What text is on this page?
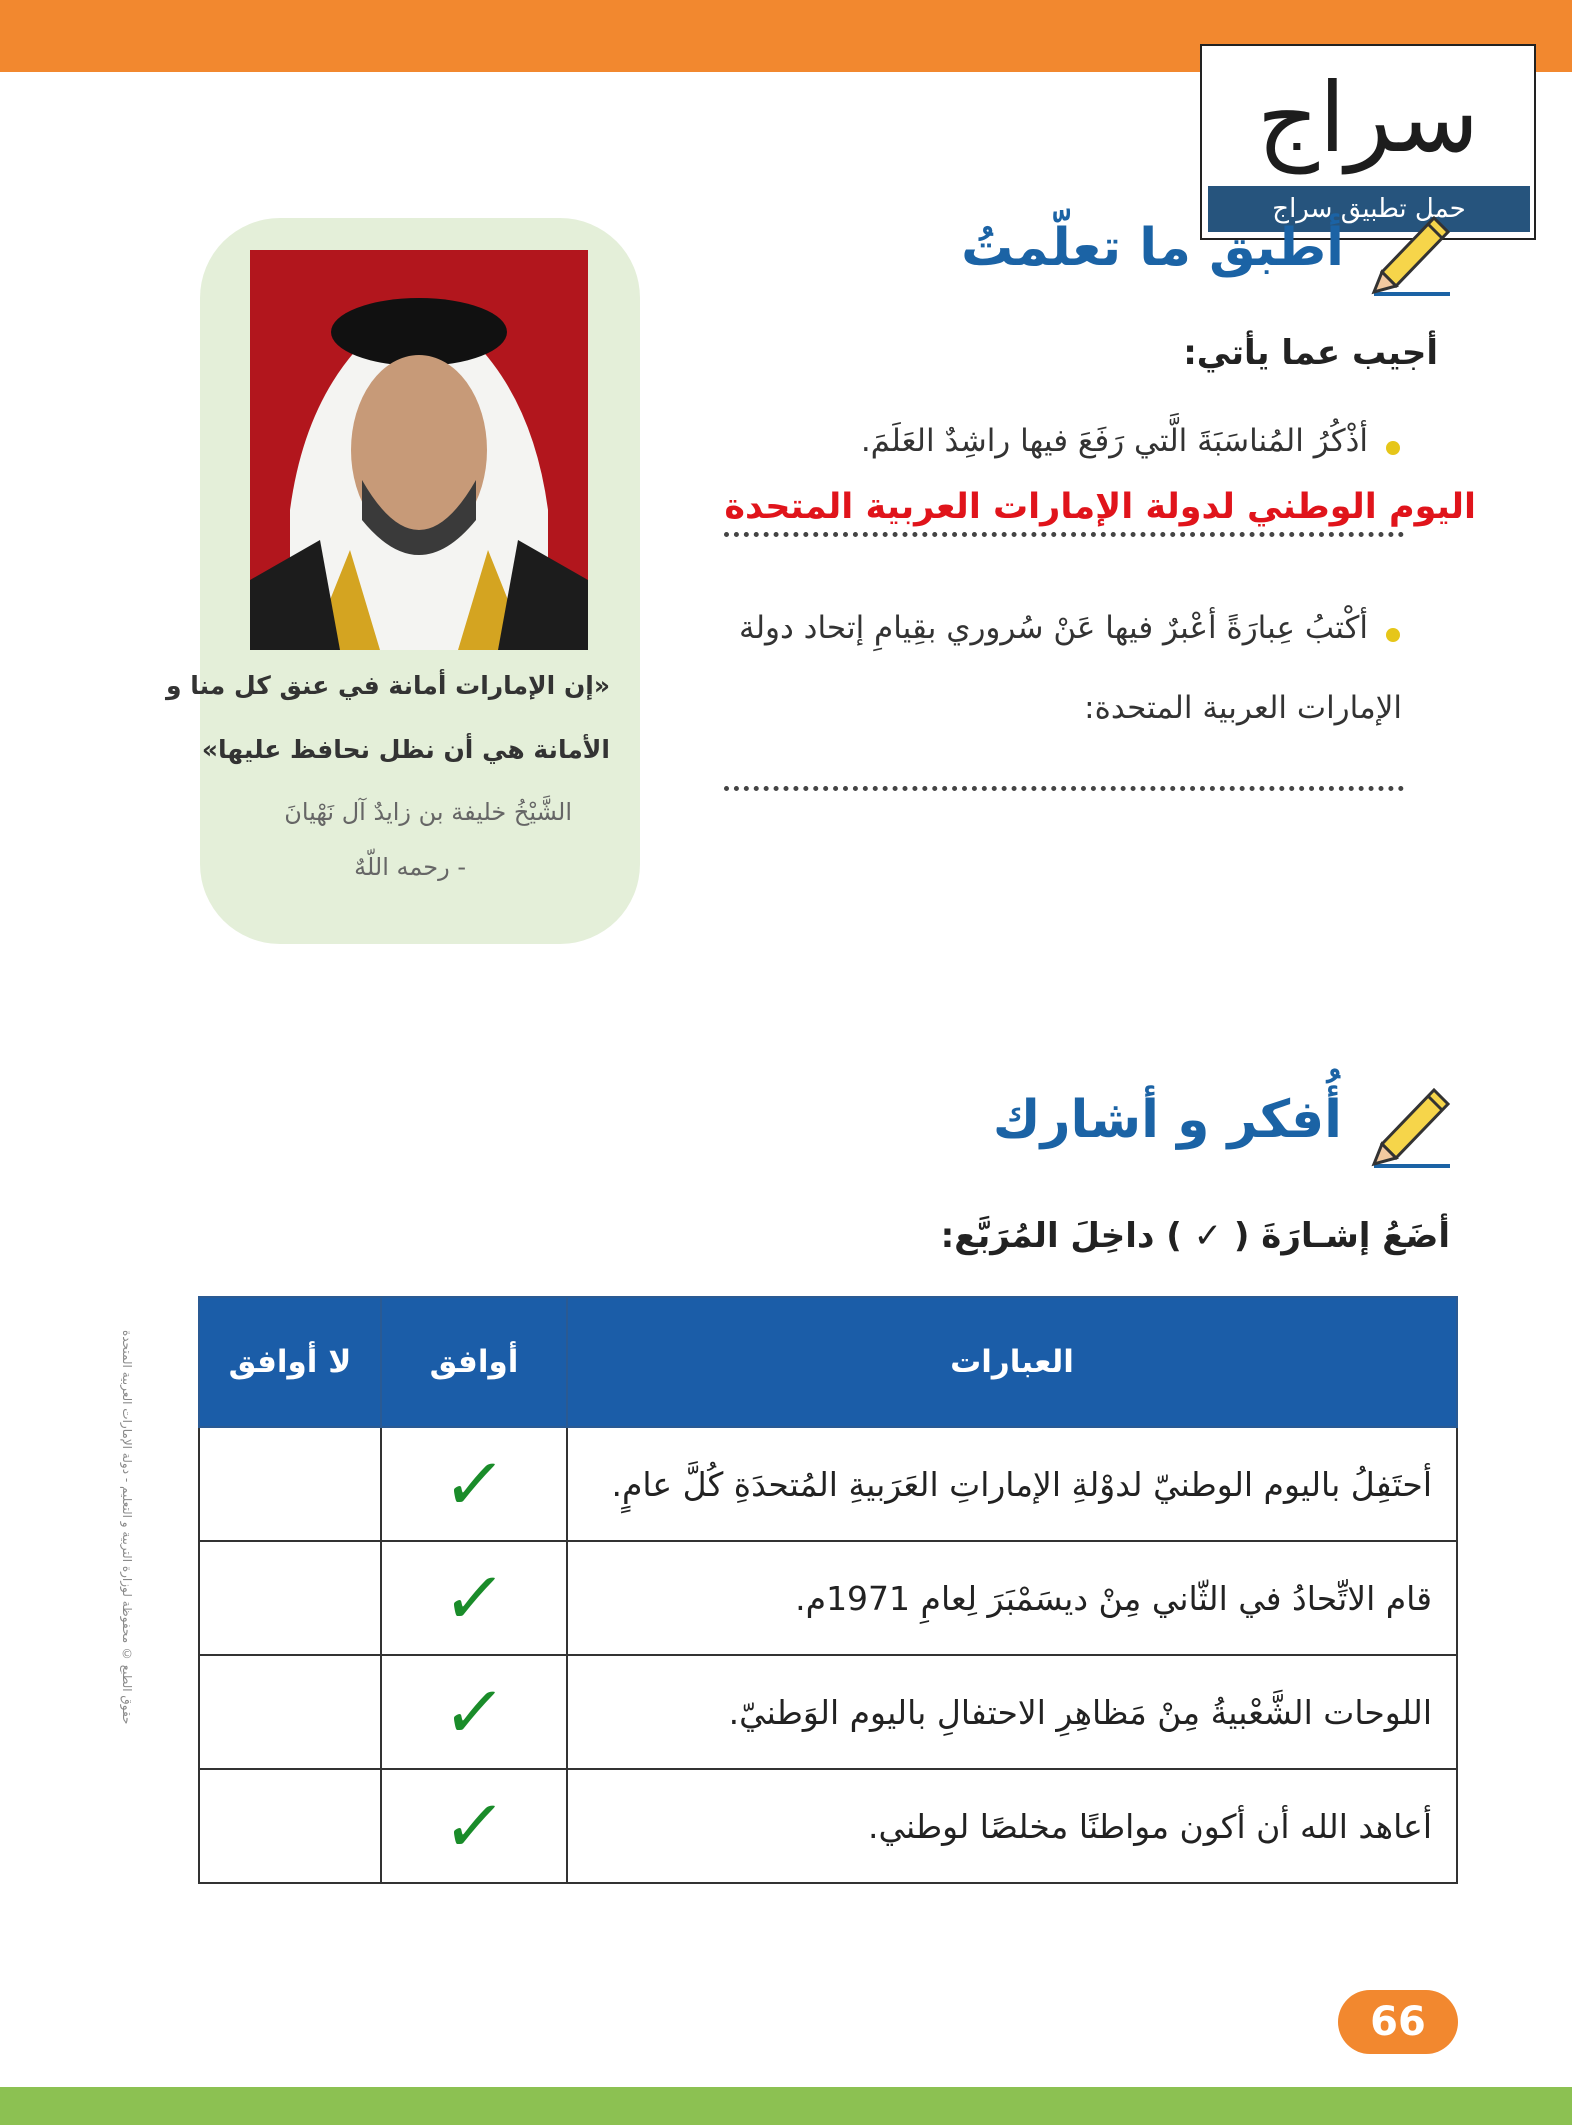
سراج
حمل تطبيق سراج
أطبق ما تعلّمتُ
أجيب عما يأتي:
أذْكُرُ المُناسَبَةَ الَّتي رَفَعَ فيها راشِدٌ العَلَمَ.
اليوم الوطني لدولة الإمارات العربية المتحدة
أكْتبُ عِبارَةً أعْبرٌ فيها عَنْ سُروري بقِيامِ إتحاد دولة
الإمارات العربية المتحدة:
«إن الإمارات أمانة في عنق كل منا و
الأمانة هي أن نظل نحافظ عليها»
الشَّيْخُ خليفة بن زايدٌ آل نَهْيانَ
- رحمه اللّهٌ
أُفكر و أشارك
أضَعُ إشـارَةَ ( ✓ ) داخِلَ المُرَبَّع:
العبارات	أوافق	لا أوافق
أحتَفِلُ باليوم الوطنيّ لدوْلةِ الإماراتِ العَرَبيةِ المُتحدَةِ كُلَّ عامٍ.	✓	
قام الاتِّحادُ في الثّاني مِنْ ديسَمْبَرَ لِعامِ 1971م.	✓	
اللوحات الشَّعْبيةُ مِنْ مَظاهِرِ الاحتفالِ باليوم الوَطنيّ.	✓	
أعاهد الله أن أكون مواطنًا مخلصًا لوطني.	✓	
حقوق الطبع © محفوظة لوزارة التربية و التعليم - دولة الإمارات العربية المتحدة
66
